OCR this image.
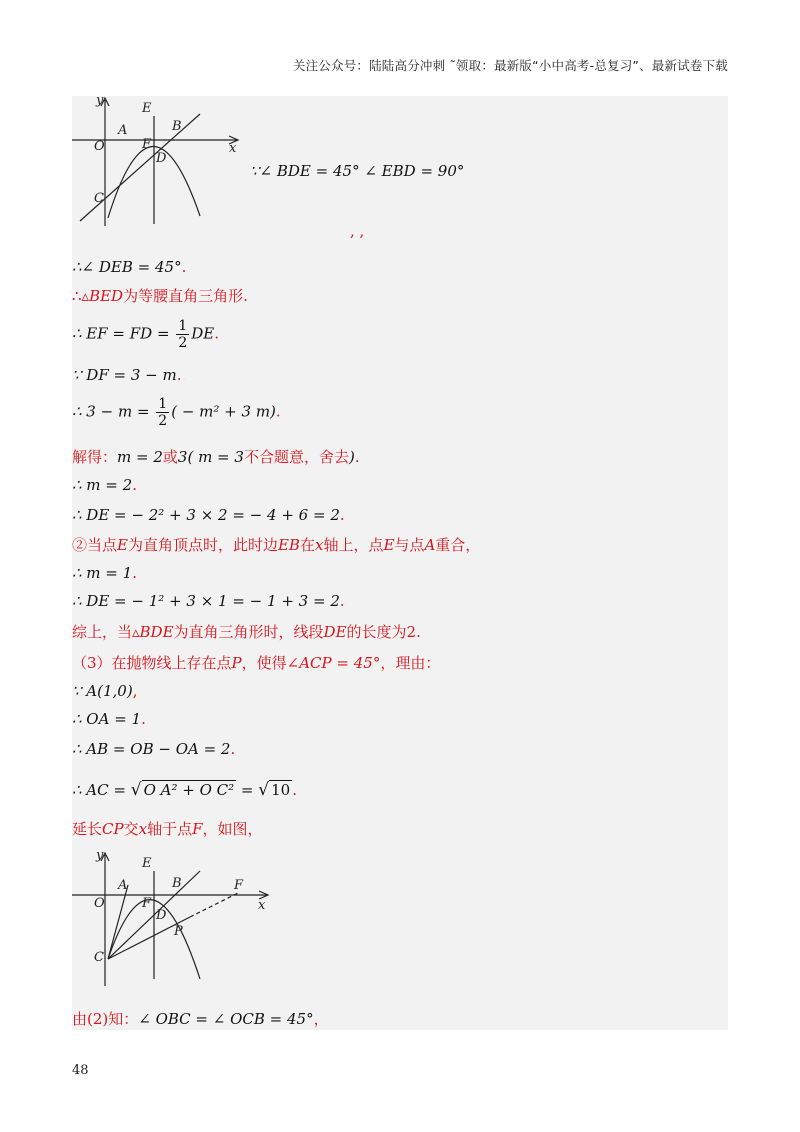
关注公众号：陆陆高分冲刺 ˜领取：最新版“小中高考-总复习”、最新试卷下载
y
x
O
A
E
B
F
D
C
∵∠ BDE = 45° ∠ EBD = 90°
, ,
∴∠ DEB = 45°.
∴▵BED为等腰直角三角形.
∴ EF = FD = $\frac{1}{2}$ DE.
∵ DF = 3 − m.
∴ $3 - m = \frac{1}{2}$ ( − m² + 3 m).
解得：m = 2或3( m = 3不合题意，舍去).
∴ m = 2.
∴ DE = − 2² + 3 × 2 = − 4 + 6 = 2.
②当点E为直角顶点时，此时边EB在x轴上，点E与点A重合，
∴ m = 1.
∴ DE = − 1² + 3 × 1 = − 1 + 3 = 2.
综上，当▵BDE为直角三角形时，线段DE的长度为2.
（3）在抛物线上存在点P，使得∠ACP = 45°，理由：
∵ A(1,0),
∴ OA = 1.
∴ AB = OB − OA = 2.
∴ AC = √ O A² + O C² = √ 10 .
延长CP交x轴于点F，如图，
y
x
O
A
E
B
F
F
D
P
C
由(2)知：∠ OBC = ∠ OCB = 45°，
48
